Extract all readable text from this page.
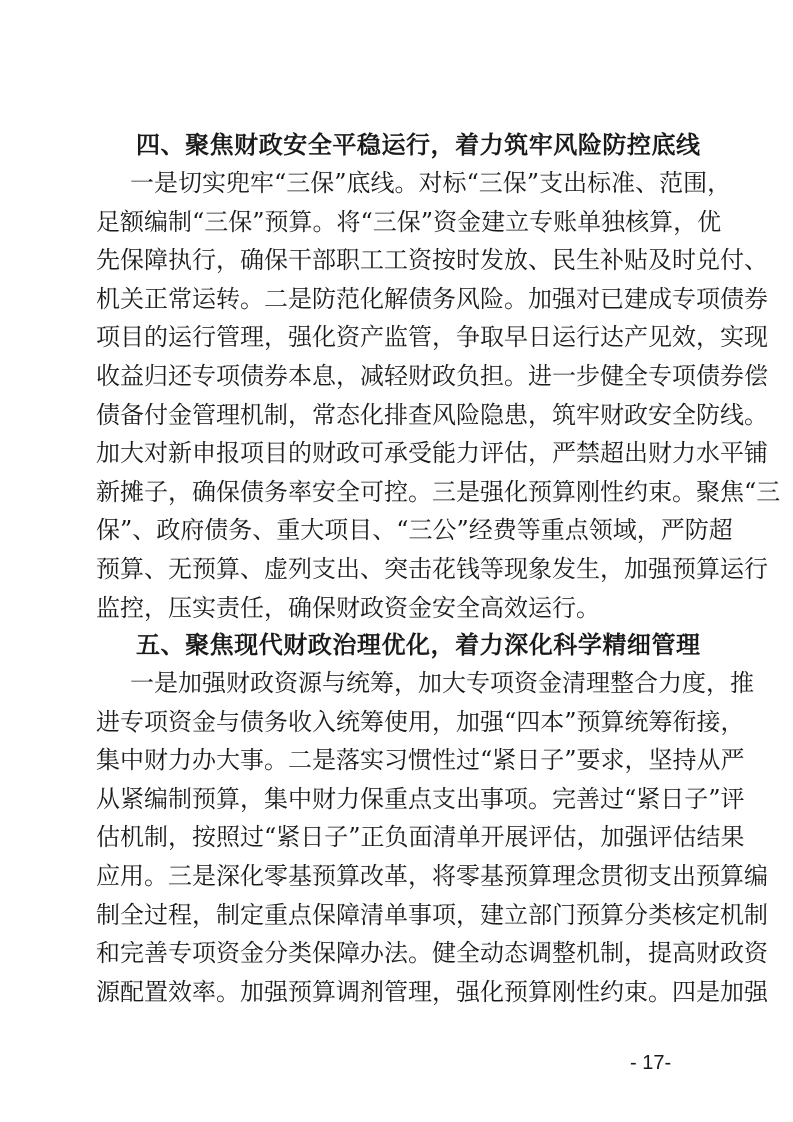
四、聚焦财政安全平稳运行，着力筑牢风险防控底线
一是切实兜牢“三保”底线。对标“三保”支出标准、范围，
足额编制“三保”预算。将“三保”资金建立专账单独核算，优
先保障执行，确保干部职工工资按时发放、民生补贴及时兑付、
机关正常运转。二是防范化解债务风险。加强对已建成专项债券
项目的运行管理，强化资产监管，争取早日运行达产见效，实现
收益归还专项债券本息，减轻财政负担。进一步健全专项债券偿
债备付金管理机制，常态化排查风险隐患，筑牢财政安全防线。
加大对新申报项目的财政可承受能力评估，严禁超出财力水平铺
新摊子，确保债务率安全可控。三是强化预算刚性约束。聚焦“三
保”、政府债务、重大项目、“三公”经费等重点领域，严防超
预算、无预算、虚列支出、突击花钱等现象发生，加强预算运行
监控，压实责任，确保财政资金安全高效运行。
五、聚焦现代财政治理优化，着力深化科学精细管理
一是加强财政资源与统筹，加大专项资金清理整合力度，推
进专项资金与债务收入统筹使用，加强“四本”预算统筹衔接，
集中财力办大事。二是落实习惯性过“紧日子”要求，坚持从严
从紧编制预算，集中财力保重点支出事项。完善过“紧日子”评
估机制，按照过“紧日子”正负面清单开展评估，加强评估结果
应用。三是深化零基预算改革，将零基预算理念贯彻支出预算编
制全过程，制定重点保障清单事项，建立部门预算分类核定机制
和完善专项资金分类保障办法。健全动态调整机制，提高财政资
源配置效率。加强预算调剂管理，强化预算刚性约束。四是加强
- 17-
